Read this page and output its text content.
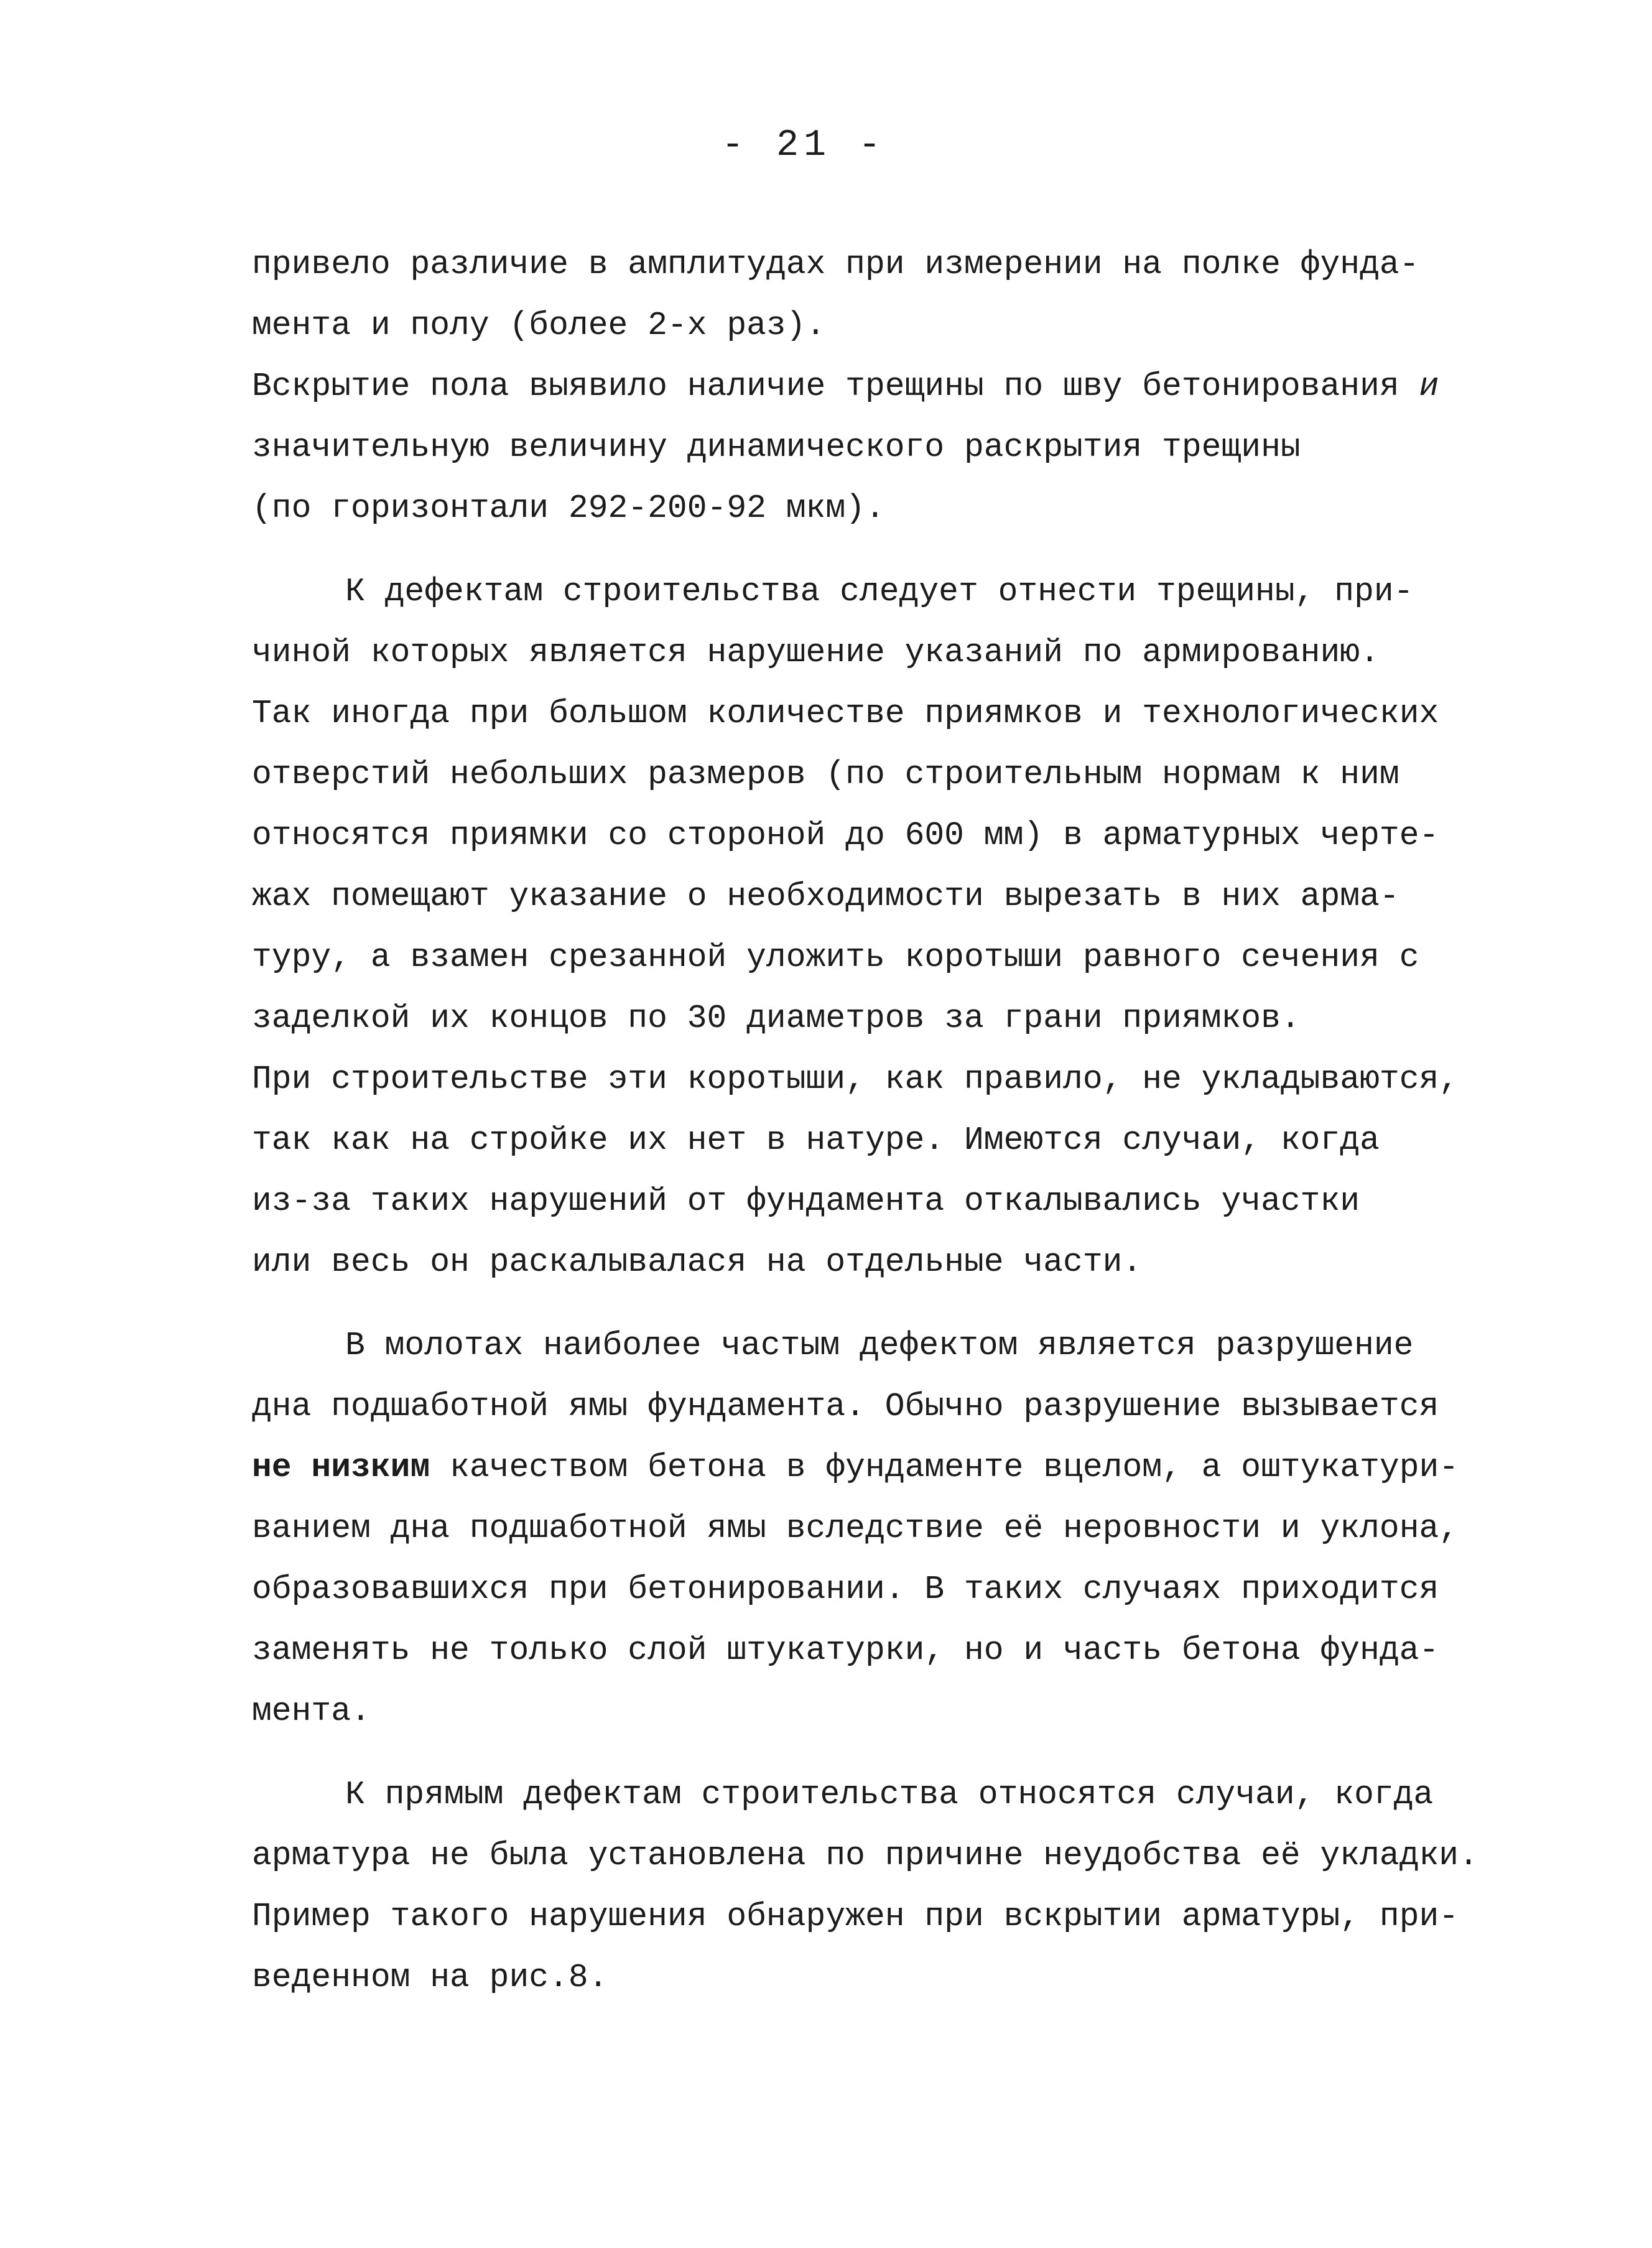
- 21 -
привело различие в амплитудах при измерении на полке фунда-
мента и полу (более 2-х раз).
Вскрытие пола выявило наличие трещины по шву бетонирования и
значительную величину динамического раскрытия трещины
(по горизонтали 292-200-92 мкм).
К дефектам строительства следует отнести трещины, при-
чиной которых является нарушение указаний по армированию.
Так иногда при большом количестве приямков и технологических
отверстий небольших размеров (по строительным нормам к ним
относятся приямки со стороной до 600 мм) в арматурных черте-
жах помещают указание о необходимости вырезать в них арма-
туру, а взамен срезанной уложить коротыши равного сечения с
заделкой их концов по 30 диаметров за грани приямков.
При строительстве эти коротыши, как правило, не укладываются,
так как на стройке их нет в натуре. Имеются случаи, когда
из-за таких нарушений от фундамента откалывались участки
или весь он раскалывалася на отдельные части.
В молотах наиболее частым дефектом является разрушение
дна подшаботной ямы фундамента. Обычно разрушение вызывается
не низким качеством бетона в фундаменте вцелом, а оштукатури-
ванием дна подшаботной ямы вследствие её неровности и уклона,
образовавшихся при бетонировании. В таких случаях приходится
заменять не только слой штукатурки, но и часть бетона фунда-
мента.
К прямым дефектам строительства относятся случаи, когда
арматура не была установлена по причине неудобства её укладки.
Пример такого нарушения обнаружен при вскрытии арматуры, при-
веденном на рис.8.
